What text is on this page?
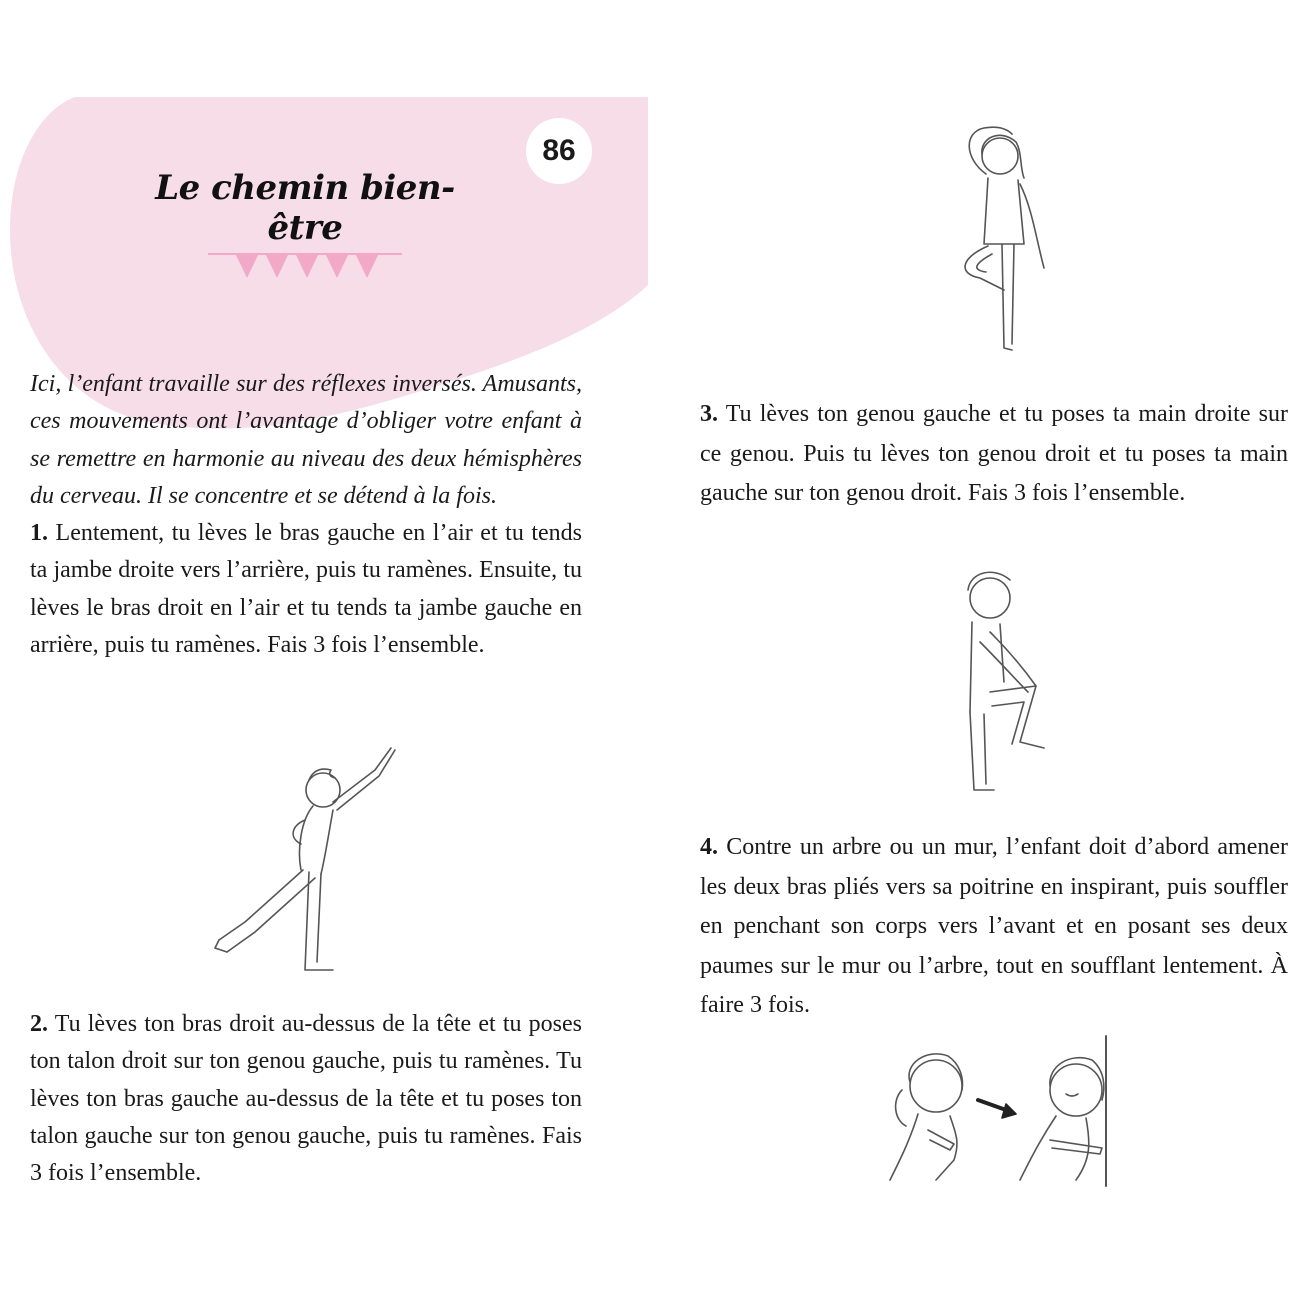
86
Le chemin bien-être

Ici, l’enfant travaille sur des réflexes inversés. Amusants, ces mouvements ont l’avantage d’obliger votre enfant à se remettre en harmonie au niveau des deux hémisphères du cerveau. Il se concentre et se détend à la fois.

1. Lentement, tu lèves le bras gauche en l’air et tu tends ta jambe droite vers l’arrière, puis tu ramènes. Ensuite, tu lèves le bras droit en l’air et tu tends ta jambe gauche en arrière, puis tu ramènes. Fais 3 fois l’ensemble.

2. Tu lèves ton bras droit au-dessus de la tête et tu poses ton talon droit sur ton genou gauche, puis tu ramènes. Tu lèves ton bras gauche au-dessus de la tête et tu poses ton talon gauche sur ton genou gauche, puis tu ramènes. Fais 3 fois l’ensemble.

3. Tu lèves ton genou gauche et tu poses ta main droite sur ce genou. Puis tu lèves ton genou droit et tu poses ta main gauche sur ton genou droit. Fais 3 fois l’ensemble.

4. Contre un arbre ou un mur, l’enfant doit d’abord amener les deux bras pliés vers sa poitrine en inspirant, puis souffler en penchant son corps vers l’avant et en posant ses deux paumes sur le mur ou l’arbre, tout en soufflant lentement. À faire 3 fois.
